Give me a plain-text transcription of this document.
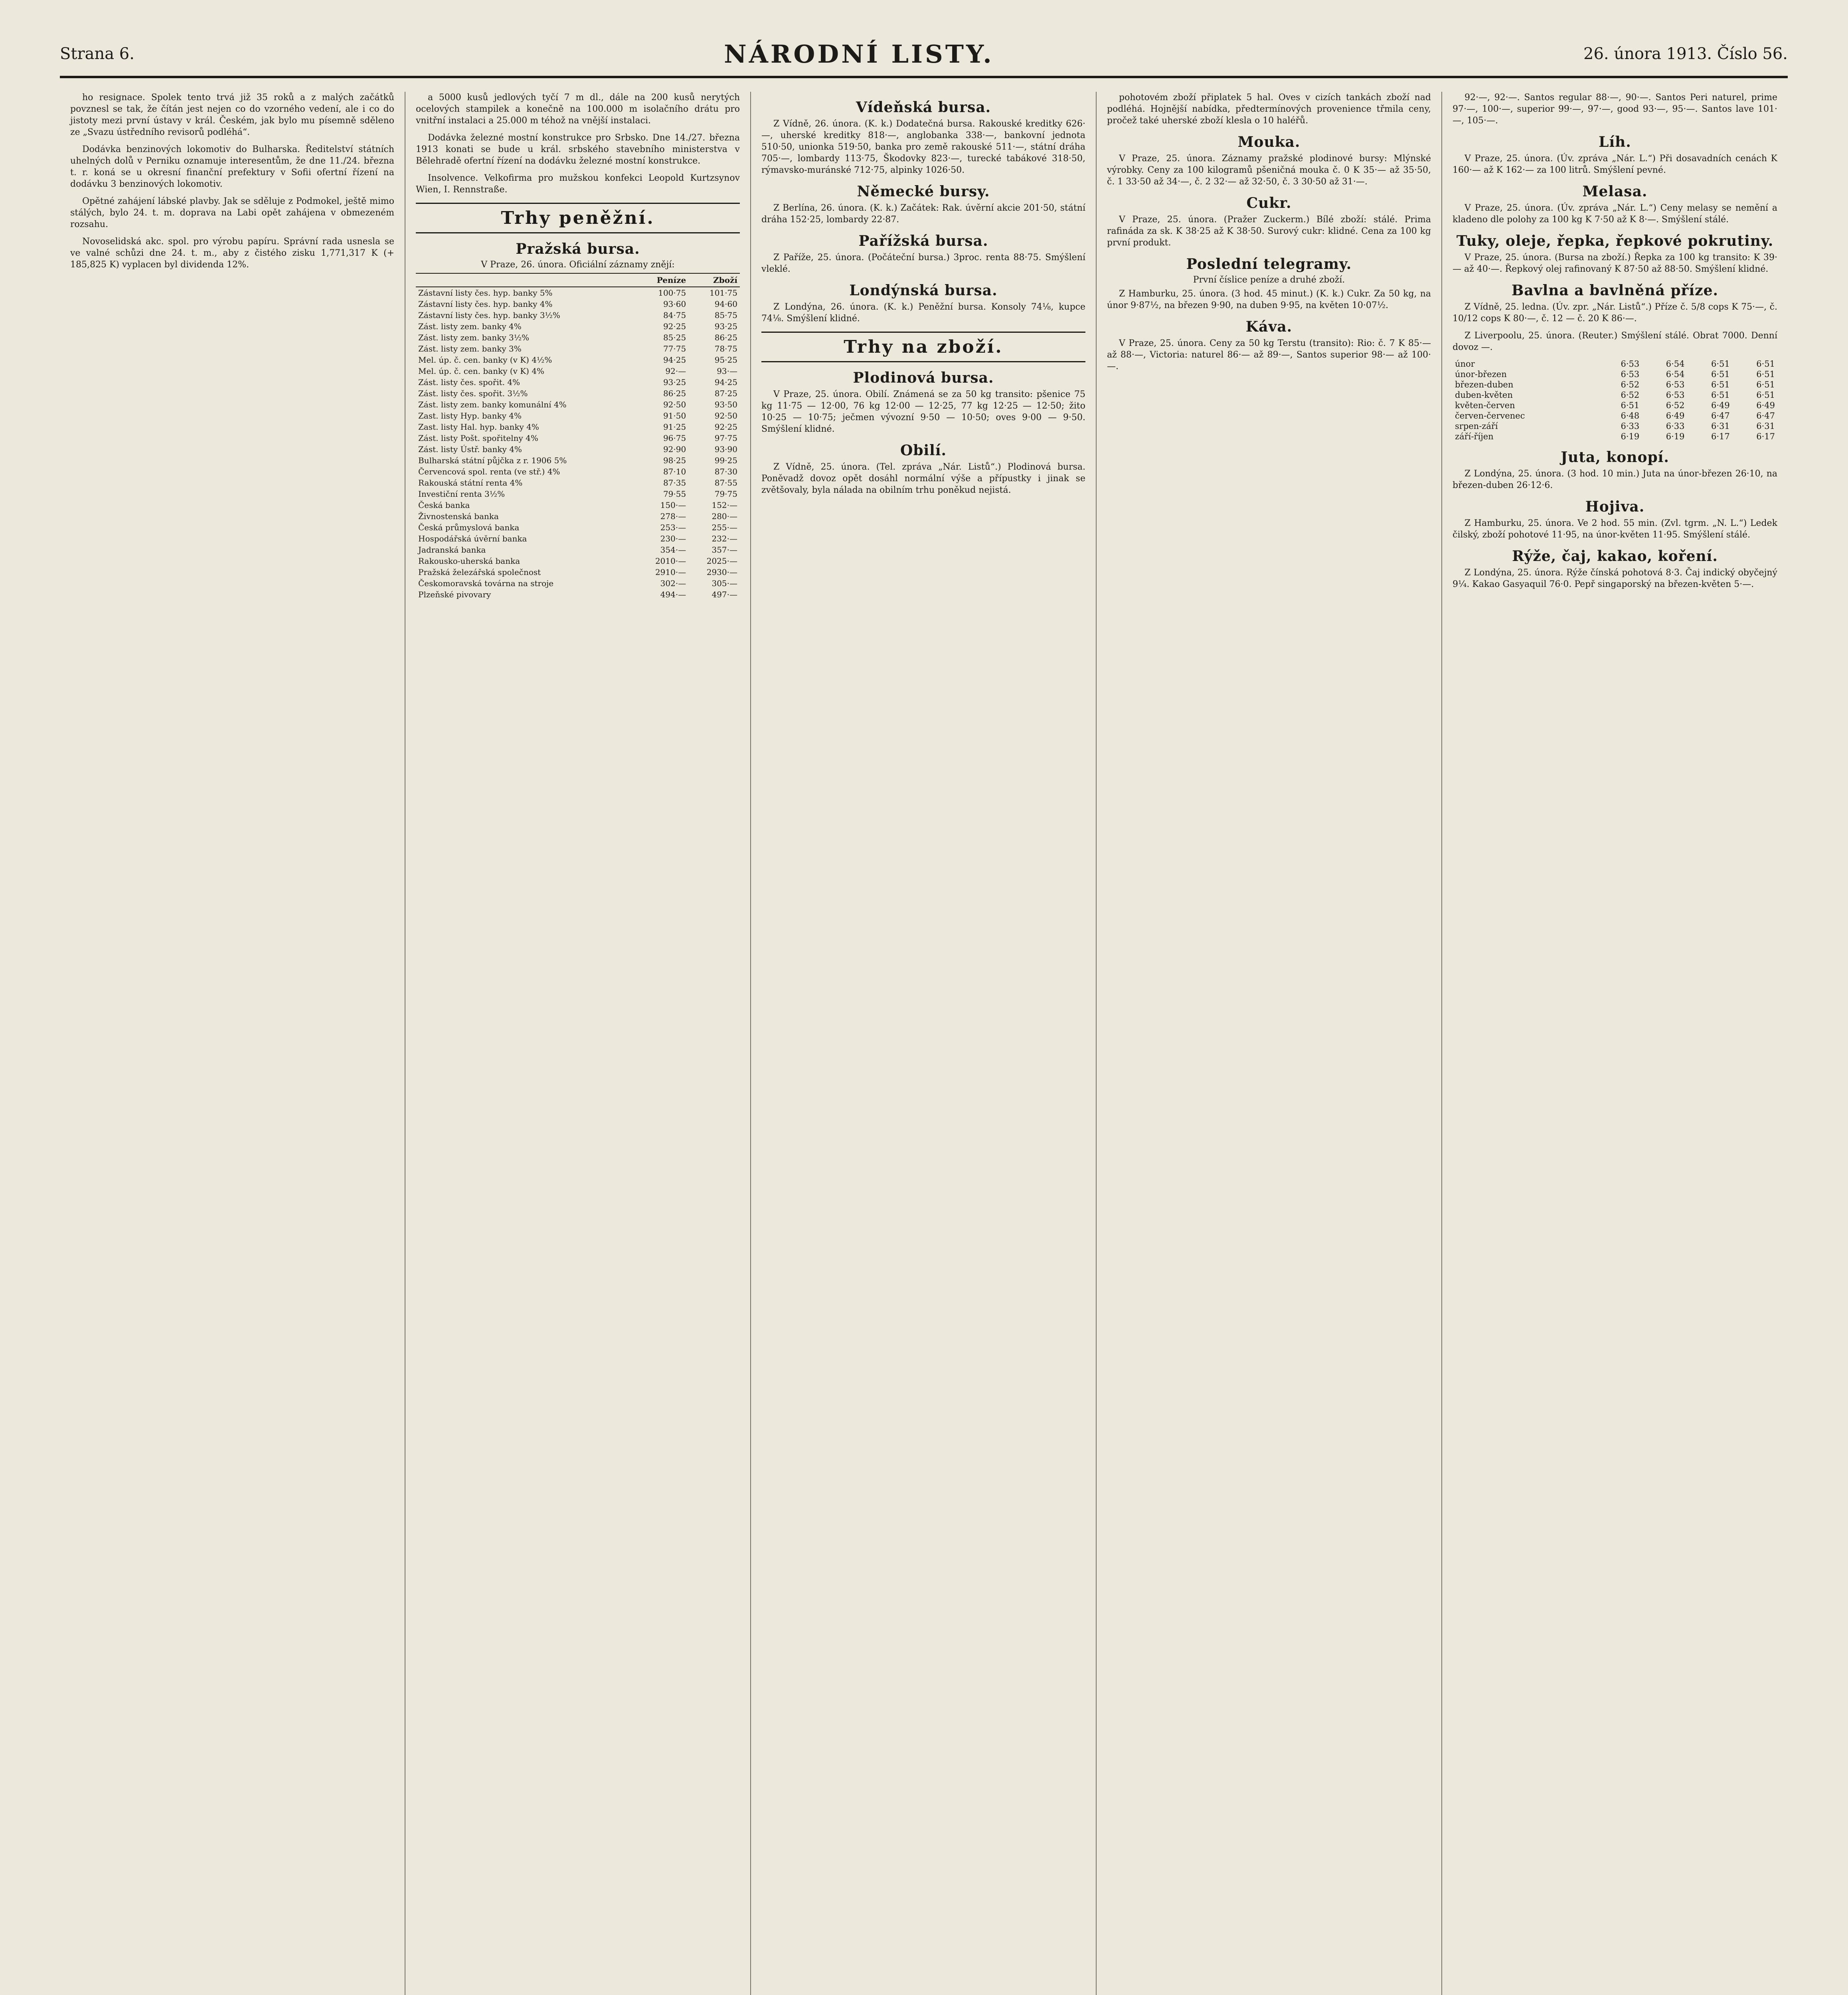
Strana 6.	NÁRODNÍ LISTY.	26. února 1913. Číslo 56.

ho resignace. Spolek tento trvá již 35 roků a z malých začátků povznesl se tak, že čítán jest nejen co do vzorného vedení, ale i co do jistoty mezi první ústavy v král. Českém, jak bylo mu písemně sděleno ze „Svazu ústředního revisorů podléhá“.

Dodávka benzinových lokomotiv do Bulharska. Ředitelství státních uhelných dolů v Perniku oznamuje interesentům, že dne 11./24. března t. r. koná se u okresní finanční prefektury v Sofii ofertní řízení na dodávku 3 benzinových lokomotiv.

Opětné zahájení lábské plavby. Jak se sděluje z Podmokel, ještě mimo stálých, bylo 24. t. m. doprava na Labi opět zahájena v obmezeném rozsahu.

Novoselidská akc. spol. pro výrobu papíru. Správní rada usnesla se ve valné schůzi dne 24. t. m., aby z čistého zisku 1,771,317 K (+ 185,825 K) vyplacen byl dividenda 12%.

a 5000 kusů jedlových tyčí 7 m dl., dále na 200 kusů nerytých ocelových stampilek a konečně na 100.000 m isolačního drátu pro vnitřní instalaci a 25.000 m téhož na vnější instalaci.

Dodávka železné mostní konstrukce pro Srbsko. Dne 14./27. března 1913 konati se bude u král. srbského stavebního ministerstva v Bělehradě ofertní řízení na dodávku železné mostní konstrukce.

Insolvence. Velkofirma pro mužskou konfekci Leopold Kurtzsynov Wien, I. Rennstraße.

Trhy peněžní.
Pražská bursa.
V Praze, 26. února. Oficiální záznamy znějí:
	Peníze	Zboží
Zástavní listy čes. hyp. banky 5%	100·75	101·75
Zástavní listy čes. hyp. banky 4%	93·60	94·60
Zástavní listy čes. hyp. banky 3½%	84·75	85·75
Zást. listy zem. banky 4%	92·25	93·25
Zást. listy zem. banky 3½%	85·25	86·25
Zást. listy zem. banky 3%	77·75	78·75
Mel. úp. č. cen. banky (v K) 4½%	94·25	95·25
Mel. úp. č. cen. banky (v K) 4%	92·—	93·—
Zást. listy čes. spořit. 4%	93·25	94·25
Zást. listy čes. spořit. 3½%	86·25	87·25
Zást. listy zem. banky komunální 4%	92·50	93·50
Zast. listy Hyp. banky 4%	91·50	92·50
Zast. listy Hal. hyp. banky 4%	91·25	92·25
Zást. listy Pošt. spořitelny 4%	96·75	97·75
Zást. listy Ústř. banky 4%	92·90	93·90
Bulharská státní půjčka z r. 1906 5%	98·25	99·25
Červencová spol. renta (ve stř.) 4%	87·10	87·30
Rakouská státní renta 4%	87·35	87·55
Investiční renta 3½%	79·55	79·75
Česká banka	150·—	152·—
Živnostenská banka	278·—	280·—
Česká průmyslová banka	253·—	255·—
Hospodářská úvěrní banka	230·—	232·—
Jadranská banka	354·—	357·—
Rakousko-uherská banka	2010·—	2025·—
Pražská železářská společnost	2910·—	2930·—
Českomoravská továrna na stroje	302·—	305·—
Plzeňské pivovary	494·—	497·—
Vídeňská bursa.

Z Vídně, 26. února. (K. k.) Dodatečná bursa. Rakouské kreditky 626·—, uherské kreditky 818·—, anglobanka 338·—, bankovní jednota 510·50, unionka 519·50, banka pro země rakouské 511·—, státní dráha 705·—, lombardy 113·75, Škodovky 823·—, turecké tabákové 318·50, rýmavsko-muránské 712·75, alpinky 1026·50.

Německé bursy.

Z Berlína, 26. února. (K. k.) Začátek: Rak. úvěrní akcie 201·50, státní dráha 152·25, lombardy 22·87.

Pařížská bursa.

Z Paříže, 25. února. (Počáteční bursa.) 3proc. renta 88·75. Smýšlení vleklé.

Londýnská bursa.

Z Londýna, 26. února. (K. k.) Peněžní bursa. Konsoly 74¹⁄₈, kupce 74¹⁄₈. Smýšlení klidné.

Trhy na zboží.
Plodinová bursa.

V Praze, 25. února. Obilí. Známená se za 50 kg transito: pšenice 75 kg 11·75 — 12·00, 76 kg 12·00 — 12·25, 77 kg 12·25 — 12·50; žito 10·25 — 10·75; ječmen vývozní 9·50 — 10·50; oves 9·00 — 9·50. Smýšlení klidné.

Obilí.

Z Vídně, 25. února. (Tel. zpráva „Nár. Listů“.) Plodinová bursa. Poněvadž dovoz opět dosáhl normální výše a přípustky i jinak se zvětšovaly, byla nálada na obilním trhu poněkud nejistá.

pohotovém zboží připlatek 5 hal. Oves v cizích tankách zboží nad podléhá. Hojnější nabídka, předtermínových provenience třmila ceny, pročež také uherské zboží klesla o 10 haléřů.

Mouka.

V Praze, 25. února. Záznamy pražské plodinové bursy: Mlýnské výrobky. Ceny za 100 kilogramů pšeničná mouka č. 0 K 35·— až 35·50, č. 1 33·50 až 34·—, č. 2 32·— až 32·50, č. 3 30·50 až 31·—.

Cukr.

V Praze, 25. února. (Pražer Zuckerm.) Bílé zboží: stálé. Prima rafináda za sk. K 38·25 až K 38·50. Surový cukr: klidné. Cena za 100 kg první produkt.

Poslední telegramy.
První číslice peníze a druhé zboží.

Z Hamburku, 25. února. (3 hod. 45 minut.) (K. k.) Cukr. Za 50 kg, na únor 9·87½, na březen 9·90, na duben 9·95, na květen 10·07½.

Káva.

V Praze, 25. února. Ceny za 50 kg Terstu (transito): Rio: č. 7 K 85·— až 88·—, Victoria: naturel 86·— až 89·—, Santos superior 98·— až 100·—.

92·—, 92·—. Santos regular 88·—, 90·—. Santos Peri naturel, prime 97·—, 100·—, superior 99·—, 97·—, good 93·—, 95·—. Santos lave 101·—, 105·—.

Líh.

V Praze, 25. února. (Úv. zpráva „Nár. L.“) Při dosavadních cenách K 160·— až K 162·— za 100 litrů. Smýšlení pevné.

Melasa.

V Praze, 25. února. (Úv. zpráva „Nár. L.“) Ceny melasy se nemění a kladeno dle polohy za 100 kg K 7·50 až K 8·—. Smýšlení stálé.

Tuky, oleje, řepka, řepkové pokrutiny.

V Praze, 25. února. (Bursa na zboží.) Řepka za 100 kg transito: K 39·— až 40·—. Řepkový olej rafinovaný K 87·50 až 88·50. Smýšlení klidné.

Bavlna a bavlněná příze.

Z Vídně, 25. ledna. (Úv. zpr. „Nár. Listů“.) Příze č. 5/8 cops K 75·—, č. 10/12 cops K 80·—, č. 12 — č. 20 K 86·—.

Z Liverpoolu, 25. února. (Reuter.) Smýšlení stálé. Obrat 7000. Denní dovoz —.

únor	6·53	6·54	6·51	6·51
únor-březen	6·53	6·54	6·51	6·51
březen-duben	6·52	6·53	6·51	6·51
duben-květen	6·52	6·53	6·51	6·51
květen-červen	6·51	6·52	6·49	6·49
červen-červenec	6·48	6·49	6·47	6·47
srpen-září	6·33	6·33	6·31	6·31
září-říjen	6·19	6·19	6·17	6·17
Juta, konopí.

Z Londýna, 25. února. (3 hod. 10 min.) Juta na únor-březen 26·10, na březen-duben 26·12·6.

Hojiva.

Z Hamburku, 25. února. Ve 2 hod. 55 min. (Zvl. tgrm. „N. L.“) Ledek čilský, zboží pohotové 11·95, na únor-květen 11·95. Smýšlení stálé.

Rýže, čaj, kakao, koření.

Z Londýna, 25. února. Rýže čínská pohotová 8·3. Čaj indický obyčejný 9¼. Kakao Gasyaquil 76·0. Pepř singaporský na březen-květen 5·—.
